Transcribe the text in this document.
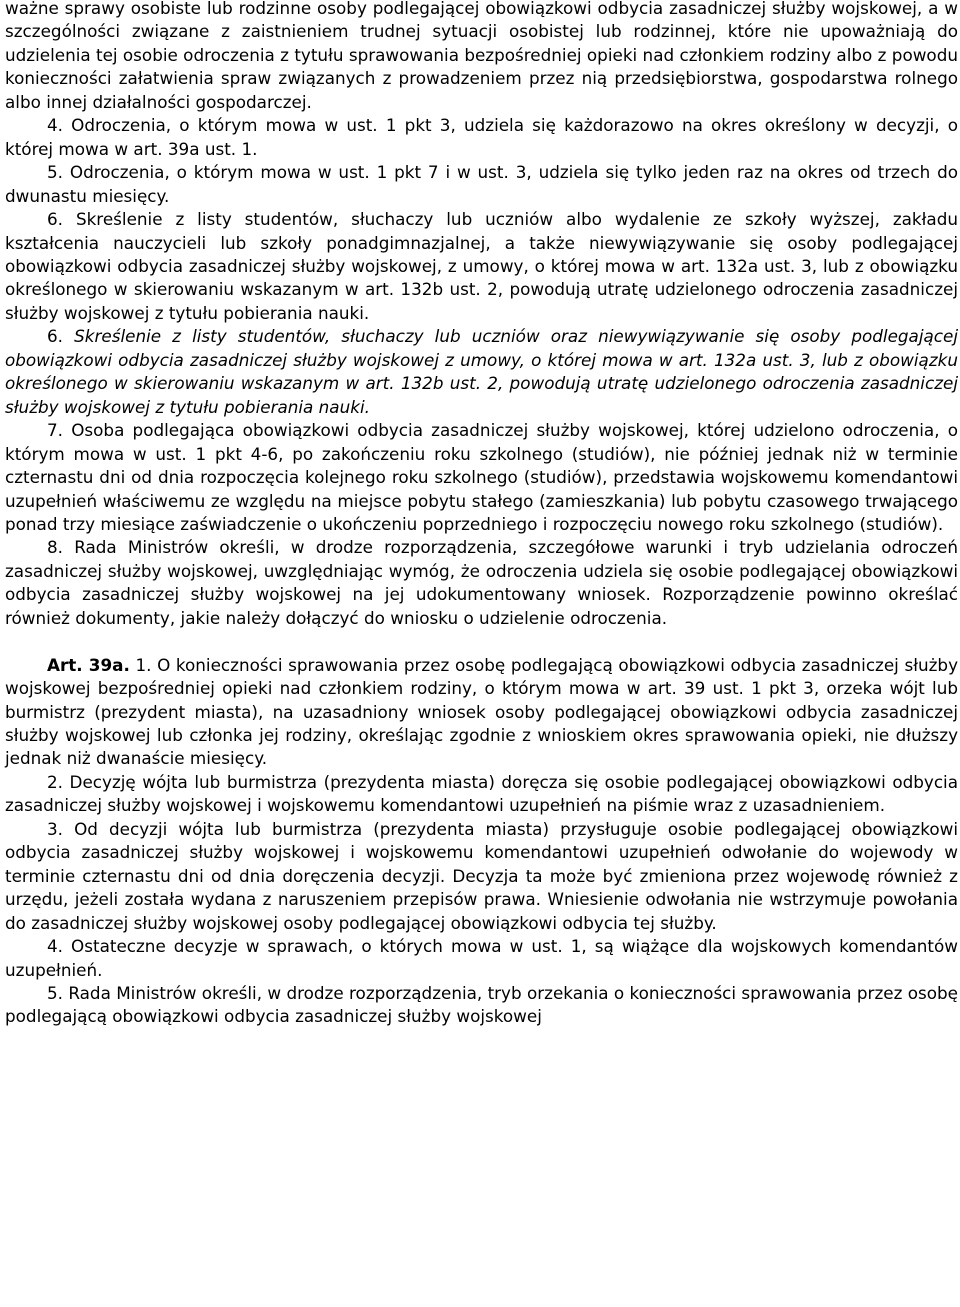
ważne sprawy osobiste lub rodzinne osoby podlegającej obowiązkowi odbycia zasadniczej służby wojskowej, a w szczególności związane z zaistnieniem trudnej sytuacji osobistej lub rodzinnej, które nie upoważniają do udzielenia tej osobie odroczenia z tytułu sprawowania bezpośredniej opieki nad członkiem rodziny albo z powodu konieczności załatwienia spraw związanych z prowadzeniem przez nią przedsiębiorstwa, gospodarstwa rolnego albo innej działalności gospodarczej.

4. Odroczenia, o którym mowa w ust. 1 pkt 3, udziela się każdorazowo na okres określony w decyzji, o której mowa w art. 39a ust. 1.

5. Odroczenia, o którym mowa w ust. 1 pkt 7 i w ust. 3, udziela się tylko jeden raz na okres od trzech do dwunastu miesięcy.

6. Skreślenie z listy studentów, słuchaczy lub uczniów albo wydalenie ze szkoły wyższej, zakładu kształcenia nauczycieli lub szkoły ponadgimnazjalnej, a także niewywiązywanie się osoby podlegającej obowiązkowi odbycia zasadniczej służby wojskowej, z umowy, o której mowa w art. 132a ust. 3, lub z obowiązku określonego w skierowaniu wskazanym w art. 132b ust. 2, powodują utratę udzielonego odroczenia zasadniczej służby wojskowej z tytułu pobierania nauki.

6. Skreślenie z listy studentów, słuchaczy lub uczniów oraz niewywiązywanie się osoby podlegającej obowiązkowi odbycia zasadniczej służby wojskowej z umowy, o której mowa w art. 132a ust. 3, lub z obowiązku określonego w skierowaniu wskazanym w art. 132b ust. 2, powodują utratę udzielonego odroczenia zasadniczej służby wojskowej z tytułu pobierania nauki.

7. Osoba podlegająca obowiązkowi odbycia zasadniczej służby wojskowej, której udzielono odroczenia, o którym mowa w ust. 1 pkt 4-6, po zakończeniu roku szkolnego (studiów), nie później jednak niż w terminie czternastu dni od dnia rozpoczęcia kolejnego roku szkolnego (studiów), przedstawia wojskowemu komendantowi uzupełnień właściwemu ze względu na miejsce pobytu stałego (zamieszkania) lub pobytu czasowego trwającego ponad trzy miesiące zaświadczenie o ukończeniu poprzedniego i rozpoczęciu nowego roku szkolnego (studiów).

8. Rada Ministrów określi, w drodze rozporządzenia, szczegółowe warunki i tryb udzielania odroczeń zasadniczej służby wojskowej, uwzględniając wymóg, że odroczenia udziela się osobie podlegającej obowiązkowi odbycia zasadniczej służby wojskowej na jej udokumentowany wniosek. Rozporządzenie powinno określać również dokumenty, jakie należy dołączyć do wniosku o udzielenie odroczenia.

Art. 39a. 1. O konieczności sprawowania przez osobę podlegającą obowiązkowi odbycia zasadniczej służby wojskowej bezpośredniej opieki nad członkiem rodziny, o którym mowa w art. 39 ust. 1 pkt 3, orzeka wójt lub burmistrz (prezydent miasta), na uzasadniony wniosek osoby podlegającej obowiązkowi odbycia zasadniczej służby wojskowej lub członka jej rodziny, określając zgodnie z wnioskiem okres sprawowania opieki, nie dłuższy jednak niż dwanaście miesięcy.

2. Decyzję wójta lub burmistrza (prezydenta miasta) doręcza się osobie podlegającej obowiązkowi odbycia zasadniczej służby wojskowej i wojskowemu komendantowi uzupełnień na piśmie wraz z uzasadnieniem.

3. Od decyzji wójta lub burmistrza (prezydenta miasta) przysługuje osobie podlegającej obowiązkowi odbycia zasadniczej służby wojskowej i wojskowemu komendantowi uzupełnień odwołanie do wojewody w terminie czternastu dni od dnia doręczenia decyzji. Decyzja ta może być zmieniona przez wojewodę również z urzędu, jeżeli została wydana z naruszeniem przepisów prawa. Wniesienie odwołania nie wstrzymuje powołania do zasadniczej służby wojskowej osoby podlegającej obowiązkowi odbycia tej służby.

4. Ostateczne decyzje w sprawach, o których mowa w ust. 1, są wiążące dla wojskowych komendantów uzupełnień.

5. Rada Ministrów określi, w drodze rozporządzenia, tryb orzekania o konieczności sprawowania przez osobę podlegającą obowiązkowi odbycia zasadniczej służby wojskowej
